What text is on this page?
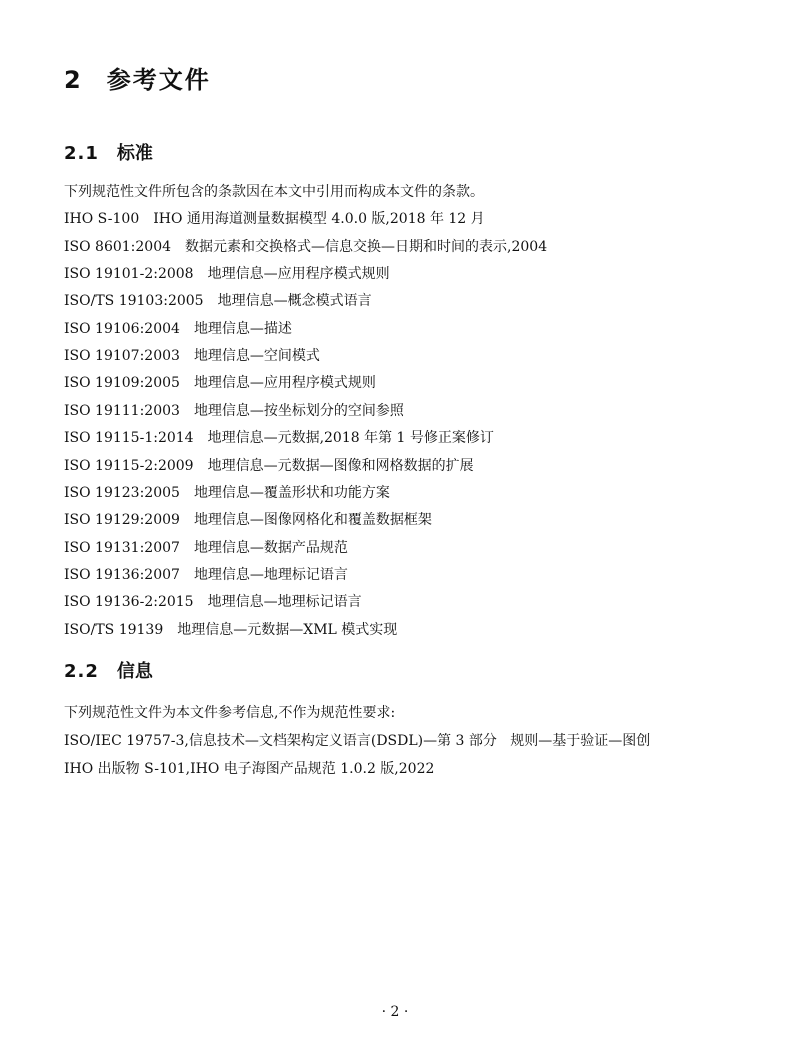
2 参考文件
2.1 标准
下列规范性文件所包含的条款因在本文中引用而构成本文件的条款。
IHO S-100 IHO 通用海道测量数据模型 4.0.0 版,2018 年 12 月
ISO 8601:2004 数据元素和交换格式—信息交换—日期和时间的表示,2004
ISO 19101-2:2008 地理信息—应用程序模式规则
ISO/TS 19103:2005 地理信息—概念模式语言
ISO 19106:2004 地理信息—描述
ISO 19107:2003 地理信息—空间模式
ISO 19109:2005 地理信息—应用程序模式规则
ISO 19111:2003 地理信息—按坐标划分的空间参照
ISO 19115-1:2014 地理信息—元数据,2018 年第 1 号修正案修订
ISO 19115-2:2009 地理信息—元数据—图像和网格数据的扩展
ISO 19123:2005 地理信息—覆盖形状和功能方案
ISO 19129:2009 地理信息—图像网格化和覆盖数据框架
ISO 19131:2007 地理信息—数据产品规范
ISO 19136:2007 地理信息—地理标记语言
ISO 19136-2:2015 地理信息—地理标记语言
ISO/TS 19139 地理信息—元数据—XML 模式实现
2.2 信息
下列规范性文件为本文件参考信息,不作为规范性要求:
ISO/IEC 19757-3,信息技术—文档架构定义语言(DSDL)—第 3 部分   规则—基于验证—图创
IHO 出版物 S-101,IHO 电子海图产品规范 1.0.2 版,2022
· 2 ·
